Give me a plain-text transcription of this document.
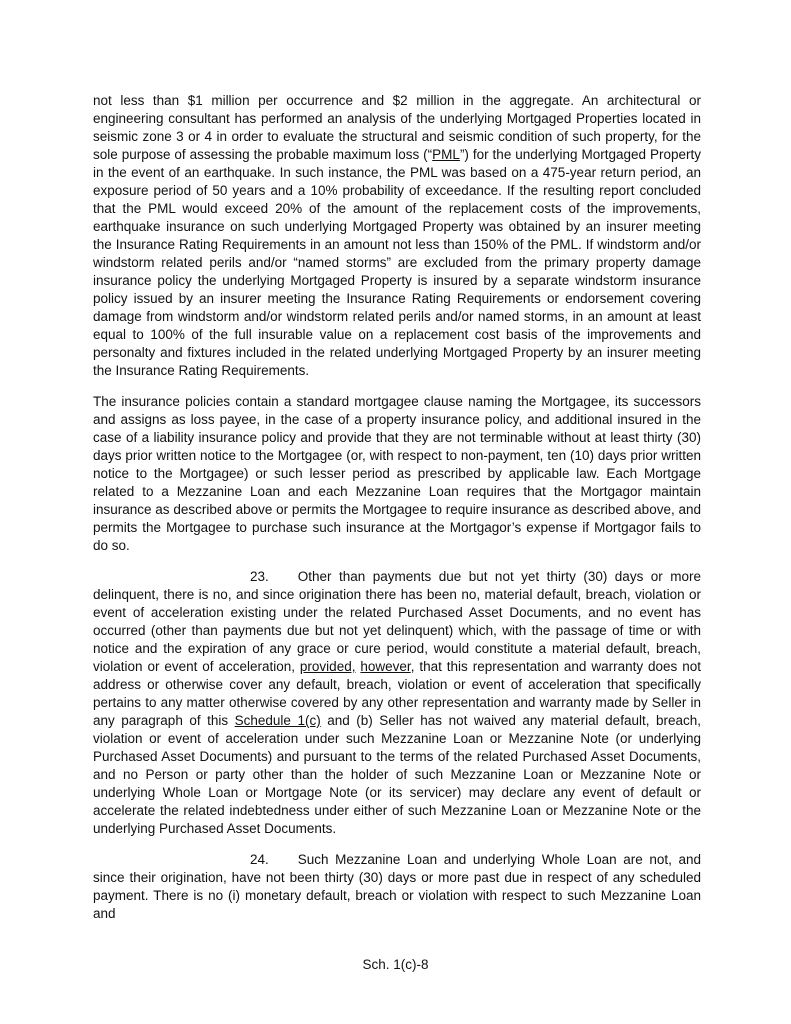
not less than $1 million per occurrence and $2 million in the aggregate. An architectural or engineering consultant has performed an analysis of the underlying Mortgaged Properties located in seismic zone 3 or 4 in order to evaluate the structural and seismic condition of such property, for the sole purpose of assessing the probable maximum loss (“PML”) for the underlying Mortgaged Property in the event of an earthquake. In such instance, the PML was based on a 475-year return period, an exposure period of 50 years and a 10% probability of exceedance. If the resulting report concluded that the PML would exceed 20% of the amount of the replacement costs of the improvements, earthquake insurance on such underlying Mortgaged Property was obtained by an insurer meeting the Insurance Rating Requirements in an amount not less than 150% of the PML. If windstorm and/or windstorm related perils and/or “named storms” are excluded from the primary property damage insurance policy the underlying Mortgaged Property is insured by a separate windstorm insurance policy issued by an insurer meeting the Insurance Rating Requirements or endorsement covering damage from windstorm and/or windstorm related perils and/or named storms, in an amount at least equal to 100% of the full insurable value on a replacement cost basis of the improvements and personalty and fixtures included in the related underlying Mortgaged Property by an insurer meeting the Insurance Rating Requirements.

The insurance policies contain a standard mortgagee clause naming the Mortgagee, its successors and assigns as loss payee, in the case of a property insurance policy, and additional insured in the case of a liability insurance policy and provide that they are not terminable without at least thirty (30) days prior written notice to the Mortgagee (or, with respect to non-payment, ten (10) days prior written notice to the Mortgagee) or such lesser period as prescribed by applicable law. Each Mortgage related to a Mezzanine Loan and each Mezzanine Loan requires that the Mortgagor maintain insurance as described above or permits the Mortgagee to require insurance as described above, and permits the Mortgagee to purchase such insurance at the Mortgagor’s expense if Mortgagor fails to do so.

23. Other than payments due but not yet thirty (30) days or more delinquent, there is no, and since origination there has been no, material default, breach, violation or event of acceleration existing under the related Purchased Asset Documents, and no event has occurred (other than payments due but not yet delinquent) which, with the passage of time or with notice and the expiration of any grace or cure period, would constitute a material default, breach, violation or event of acceleration, provided, however, that this representation and warranty does not address or otherwise cover any default, breach, violation or event of acceleration that specifically pertains to any matter otherwise covered by any other representation and warranty made by Seller in any paragraph of this Schedule 1(c) and (b) Seller has not waived any material default, breach, violation or event of acceleration under such Mezzanine Loan or Mezzanine Note (or underlying Purchased Asset Documents) and pursuant to the terms of the related Purchased Asset Documents, and no Person or party other than the holder of such Mezzanine Loan or Mezzanine Note or underlying Whole Loan or Mortgage Note (or its servicer) may declare any event of default or accelerate the related indebtedness under either of such Mezzanine Loan or Mezzanine Note or the underlying Purchased Asset Documents.

24. Such Mezzanine Loan and underlying Whole Loan are not, and since their origination, have not been thirty (30) days or more past due in respect of any scheduled payment. There is no (i) monetary default, breach or violation with respect to such Mezzanine Loan and

Sch. 1(c)-8
